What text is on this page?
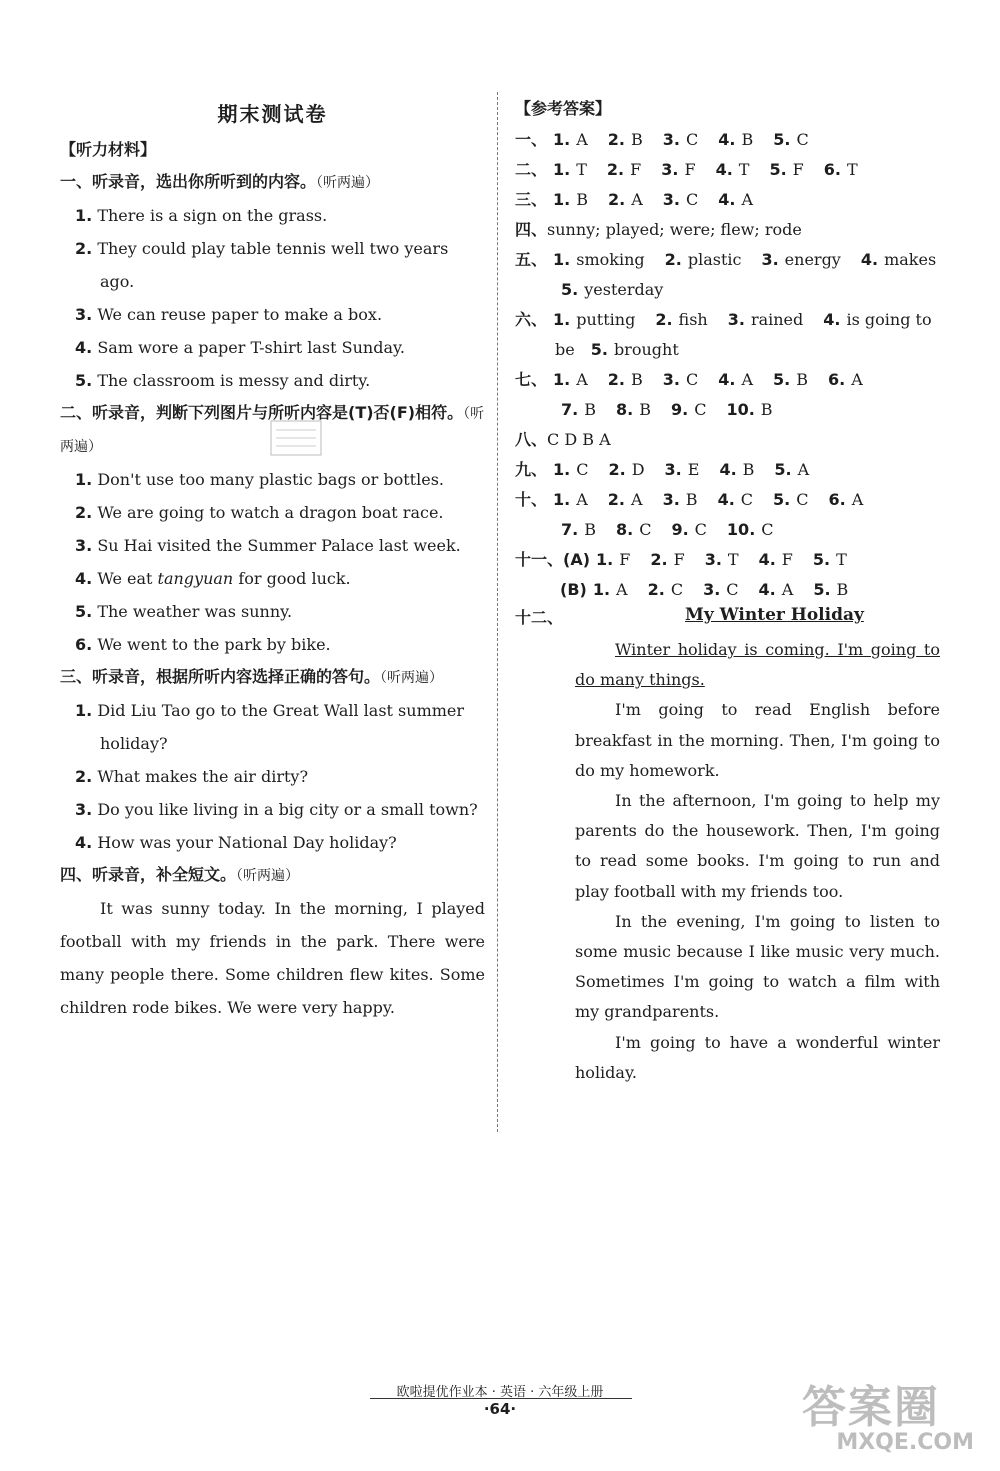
期末测试卷
【听力材料】
一、听录音，选出你所听到的内容。（听两遍）
1. There is a sign on the grass.
2. They could play table tennis well two years ago.
3. We can reuse paper to make a box.
4. Sam wore a paper T-shirt last Sunday.
5. The classroom is messy and dirty.
二、听录音，判断下列图片与所听内容是(T)否(F)相符。（听两遍）
1. Don't use too many plastic bags or bottles.
2. We are going to watch a dragon boat race.
3. Su Hai visited the Summer Palace last week.
4. We eat tangyuan for good luck.
5. The weather was sunny.
6. We went to the park by bike.
三、听录音，根据所听内容选择正确的答句。（听两遍）
1. Did Liu Tao go to the Great Wall last summer holiday?
2. What makes the air dirty?
3. Do you like living in a big city or a small town?
4. How was your National Day holiday?
四、听录音，补全短文。（听两遍）
It was sunny today. In the morning, I played football with my friends in the park. There were many people there. Some children flew kites. Some children rode bikes. We were very happy.
【参考答案】
一、 1. A 2. B 3. C 4. B 5. C
二、 1. T 2. F 3. F 4. T 5. F 6. T
三、 1. B 2. A 3. C 4. A
四、sunny; played; were; flew; rode
五、 1. smoking 2. plastic 3. energy 4. makes
5. yesterday
六、 1. putting 2. fish 3. rained 4. is going to
be 5. brought
七、 1. A 2. B 3. C 4. A 5. B 6. A
7. B 8. B 9. C 10. B
八、C D B A
九、 1. C 2. D 3. E 4. B 5. A
十、 1. A 2. A 3. B 4. C 5. C 6. A
7. B 8. C 9. C 10. C
十一、(A) 1. F 2. F 3. T 4. F 5. T
(B) 1. A 2. C 3. C 4. A 5. B
十二、	My Winter Holiday

Winter holiday is coming. I'm going to do many things.

I'm going to read English before breakfast in the morning. Then, I'm going to do my homework.

In the afternoon, I'm going to help my parents do the housework. Then, I'm going to read some books. I'm going to run and play football with my friends too.

In the evening, I'm going to listen to some music because I like music very much. Sometimes I'm going to watch a film with my grandparents.

I'm going to have a wonderful winter holiday.

欧啦提优作业本 · 英语 · 六年级上册
·64·	答案圈
MXQE.COM
